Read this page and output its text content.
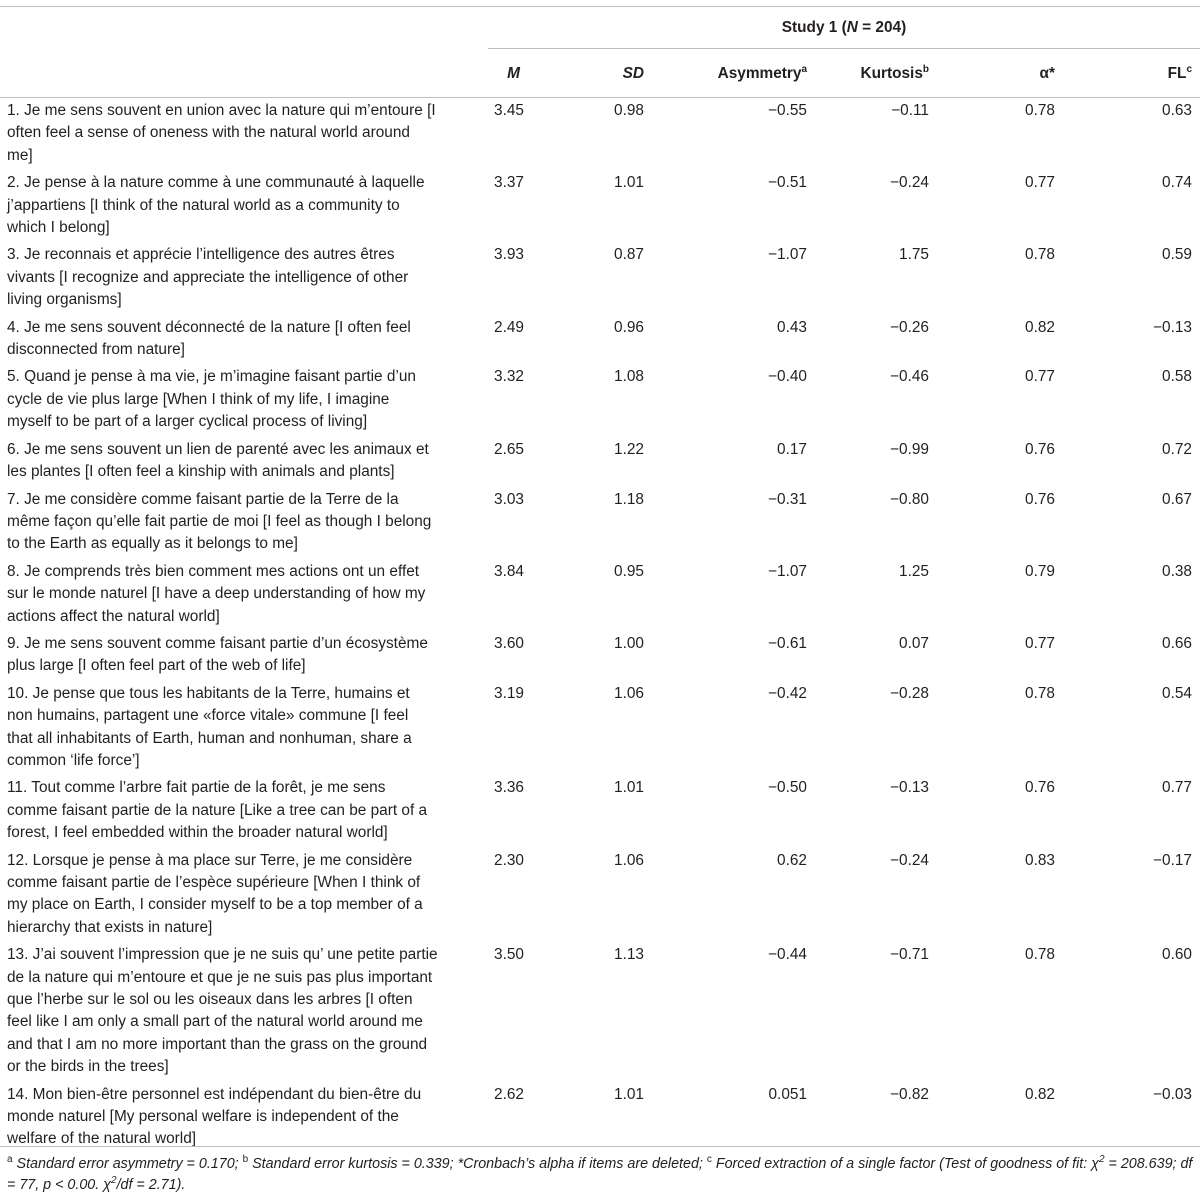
	Study 1 (N = 204)					
	M	SD	Asymmetry$^a$	Kurtosis$^b$	α*	$FL^c$
1. Je me sens souvent en union avec la nature qui m’entoure [I often feel a sense of oneness with the natural world around me]	3.45	0.98	−0.55	−0.11	0.78	0.63
2. Je pense à la nature comme à une communauté à laquelle j’appartiens [I think of the natural world as a community to which I belong]	3.37	1.01	−0.51	−0.24	0.77	0.74
3. Je reconnais et apprécie l’intelligence des autres êtres vivants [I recognize and appreciate the intelligence of other living organisms]	3.93	0.87	−1.07	1.75	0.78	0.59
4. Je me sens souvent déconnecté de la nature [I often feel disconnected from nature]	2.49	0.96	0.43	−0.26	0.82	−0.13
5. Quand je pense à ma vie, je m’imagine faisant partie d’un cycle de vie plus large [When I think of my life, I imagine myself to be part of a larger cyclical process of living]	3.32	1.08	−0.40	−0.46	0.77	0.58
6. Je me sens souvent un lien de parenté avec les animaux et les plantes [I often feel a kinship with animals and plants]	2.65	1.22	0.17	−0.99	0.76	0.72
7. Je me considère comme faisant partie de la Terre de la même façon qu’elle fait partie de moi [I feel as though I belong to the Earth as equally as it belongs to me]	3.03	1.18	−0.31	−0.80	0.76	0.67
8. Je comprends très bien comment mes actions ont un effet sur le monde naturel [I have a deep understanding of how my actions affect the natural world]	3.84	0.95	−1.07	1.25	0.79	0.38
9. Je me sens souvent comme faisant partie d’un écosystème plus large [I often feel part of the web of life]	3.60	1.00	−0.61	0.07	0.77	0.66
10. Je pense que tous les habitants de la Terre, humains et non humains, partagent une «force vitale» commune [I feel that all inhabitants of Earth, human and nonhuman, share a common ‘life force’]	3.19	1.06	−0.42	−0.28	0.78	0.54
11. Tout comme l’arbre fait partie de la forêt, je me sens comme faisant partie de la nature [Like a tree can be part of a forest, I feel embedded within the broader natural world]	3.36	1.01	−0.50	−0.13	0.76	0.77
12. Lorsque je pense à ma place sur Terre, je me considère comme faisant partie de l’espèce supérieure [When I think of my place on Earth, I consider myself to be a top member of a hierarchy that exists in nature]	2.30	1.06	0.62	−0.24	0.83	−0.17
13. J’ai souvent l’impression que je ne suis qu’ une petite partie de la nature qui m’entoure et que je ne suis pas plus important que l’herbe sur le sol ou les oiseaux dans les arbres [I often feel like I am only a small part of the natural world around me and that I am no more important than the grass on the ground or the birds in the trees]	3.50	1.13	−0.44	−0.71	0.78	0.60
14. Mon bien-être personnel est indépendant du bien-être du monde naturel [My personal welfare is independent of the welfare of the natural world]	2.62	1.01	0.051	−0.82	0.82	−0.03
$^a$ Standard error asymmetry = 0.170; $^b$ Standard error kurtosis = 0.339; *Cronbach’s alpha if items are deleted; $^c$ Forced extraction of a single factor (Test of goodness of fit: $\chi^2 = 208.639$; df = 77, p < 0.00. $\chi^2/df = 2.71$).
